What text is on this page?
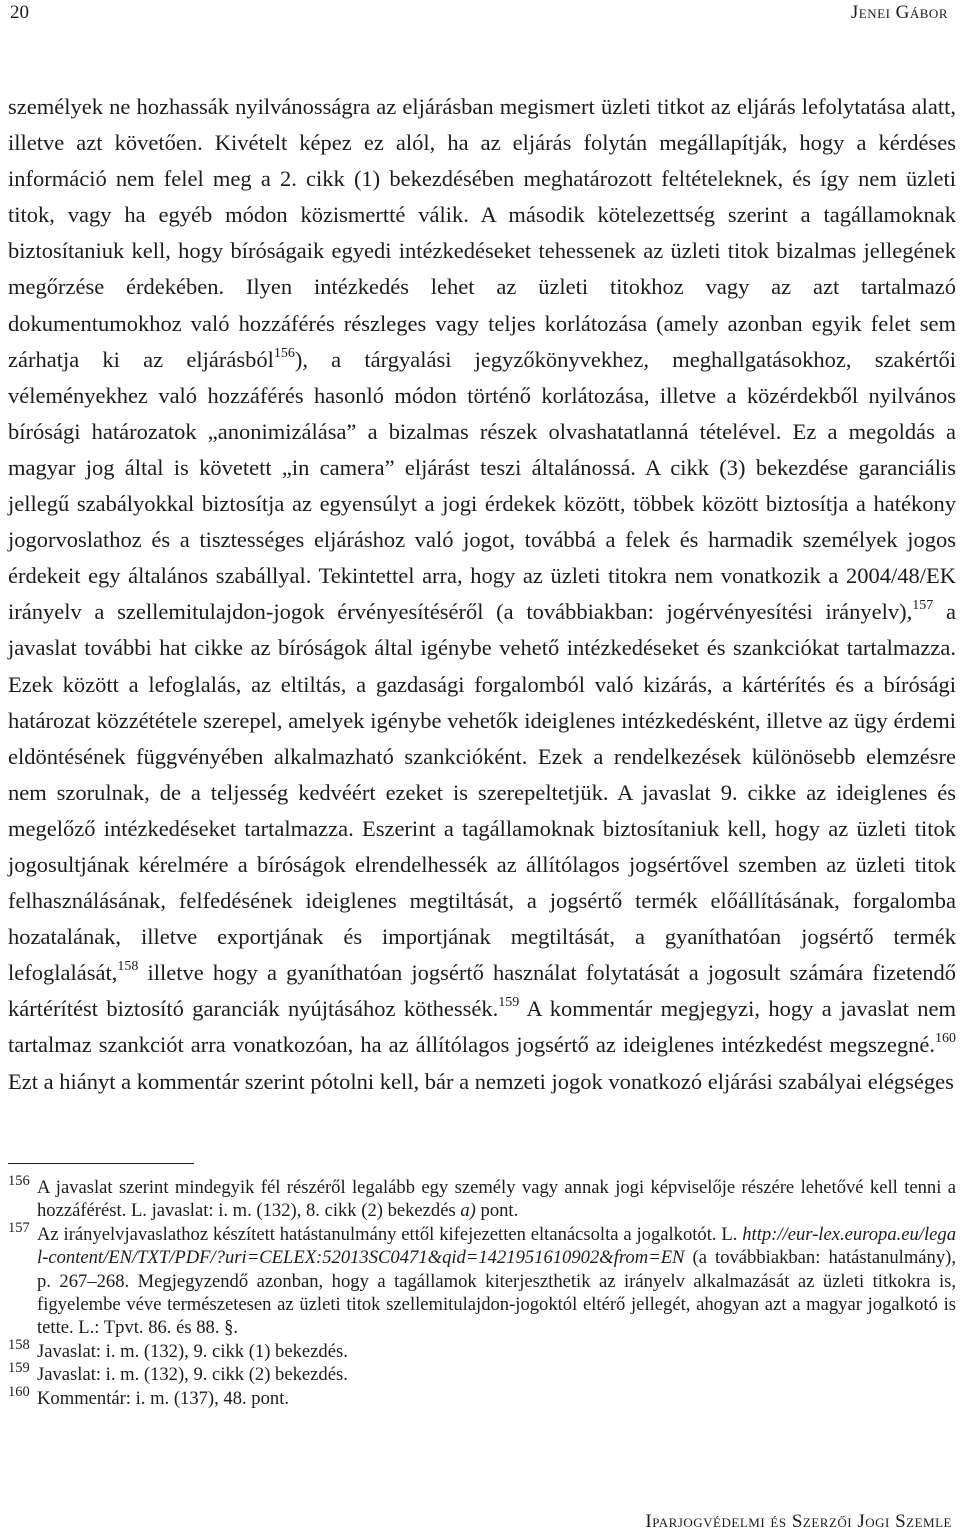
20	Jenei Gábor
személyek ne hozhassák nyilvánosságra az eljárásban megismert üzleti titkot az eljárás lefolytatása alatt, illetve azt követően. Kivételt képez ez alól, ha az eljárás folytán megállapítják, hogy a kérdéses információ nem felel meg a 2. cikk (1) bekezdésében meghatározott feltételeknek, és így nem üzleti titok, vagy ha egyéb módon közismertté válik. A második kötelezettség szerint a tagállamoknak biztosítaniuk kell, hogy bíróságaik egyedi intézkedéseket tehessenek az üzleti titok bizalmas jellegének megőrzése érdekében. Ilyen intézkedés lehet az üzleti titokhoz vagy az azt tartalmazó dokumentumokhoz való hozzáférés részleges vagy teljes korlátozása (amely azonban egyik felet sem zárhatja ki az eljárásból$^{156}$), a tárgyalási jegyzőkönyvekhez, meghallgatásokhoz, szakértői véleményekhez való hozzáférés hasonló módon történő korlátozása, illetve a közérdekből nyilvános bírósági határozatok „anonimizálása” a bizalmas részek olvashatatlanná tételével. Ez a megoldás a magyar jog által is követett „in camera” eljárást teszi általánossá. A cikk (3) bekezdése garanciális jellegű szabályokkal biztosítja az egyensúlyt a jogi érdekek között, többek között biztosítja a hatékony jogorvoslathoz és a tisztességes eljáráshoz való jogot, továbbá a felek és harmadik személyek jogos érdekeit egy általános szabállyal. Tekintettel arra, hogy az üzleti titokra nem vonatkozik a 2004/48/EK irányelv a szellemitulajdon-jogok érvényesítéséről (a továbbiakban: jogérvényesítési irányelv),$^{157}$ a javaslat további hat cikke az bíróságok által igénybe vehető intézkedéseket és szankciókat tartalmazza. Ezek között a lefoglalás, az eltiltás, a gazdasági forgalomból való kizárás, a kártérítés és a bírósági határozat közzététele szerepel, amelyek igénybe vehetők ideiglenes intézkedésként, illetve az ügy érdemi eldöntésének függvényében alkalmazható szankcióként. Ezek a rendelkezések különösebb elemzésre nem szorulnak, de a teljesség kedvéért ezeket is szerepeltetjük. A javaslat 9. cikke az ideiglenes és megelőző intézkedéseket tartalmazza. Eszerint a tagállamoknak biztosítaniuk kell, hogy az üzleti titok jogosultjának kérelmére a bíróságok elrendelhessék az állítólagos jogsértővel szemben az üzleti titok felhasználásának, felfedésének ideiglenes megtiltását, a jogsértő termék előállításának, forgalomba hozatalának, illetve exportjának és importjának megtiltását, a gyaníthatóan jogsértő termék lefoglalását,$^{158}$ illetve hogy a gyaníthatóan jogsértő használat folytatását a jogosult számára fizetendő kártérítést biztosító garanciák nyújtásához köthessék.$^{159}$ A kommentár megjegyzi, hogy a javaslat nem tartalmaz szankciót arra vonatkozóan, ha az állítólagos jogsértő az ideiglenes intézkedést megszegné.$^{160}$ Ezt a hiányt a kommentár szerint pótolni kell, bár a nemzeti jogok vonatkozó eljárási szabályai elégséges
156 A javaslat szerint mindegyik fél részéről legalább egy személy vagy annak jogi képviselője részére lehetővé kell tenni a hozzáférést. L. javaslat: i. m. (132), 8. cikk (2) bekezdés a) pont.
157 Az irányelvjavaslathoz készített hatástanulmány ettől kifejezetten eltanácsolta a jogalkotót. L. http://eur-lex.europa.eu/legal-content/EN/TXT/PDF/?uri=CELEX:52013SC0471&qid=1421951610902&from=EN (a továbbiakban: hatástanulmány), p. 267–268. Megjegyzendő azonban, hogy a tagállamok kiterjeszthetik az irányelv alkalmazását az üzleti titkokra is, figyelembe véve természetesen az üzleti titok szellemitulajdon-jogoktól eltérő jellegét, ahogyan azt a magyar jogalkotó is tette. L.: Tpvt. 86. és 88. §.
158 Javaslat: i. m. (132), 9. cikk (1) bekezdés.
159 Javaslat: i. m. (132), 9. cikk (2) bekezdés.
160 Kommentár: i. m. (137), 48. pont.
Iparjogvédelmi és Szerzői Jogi Szemle
